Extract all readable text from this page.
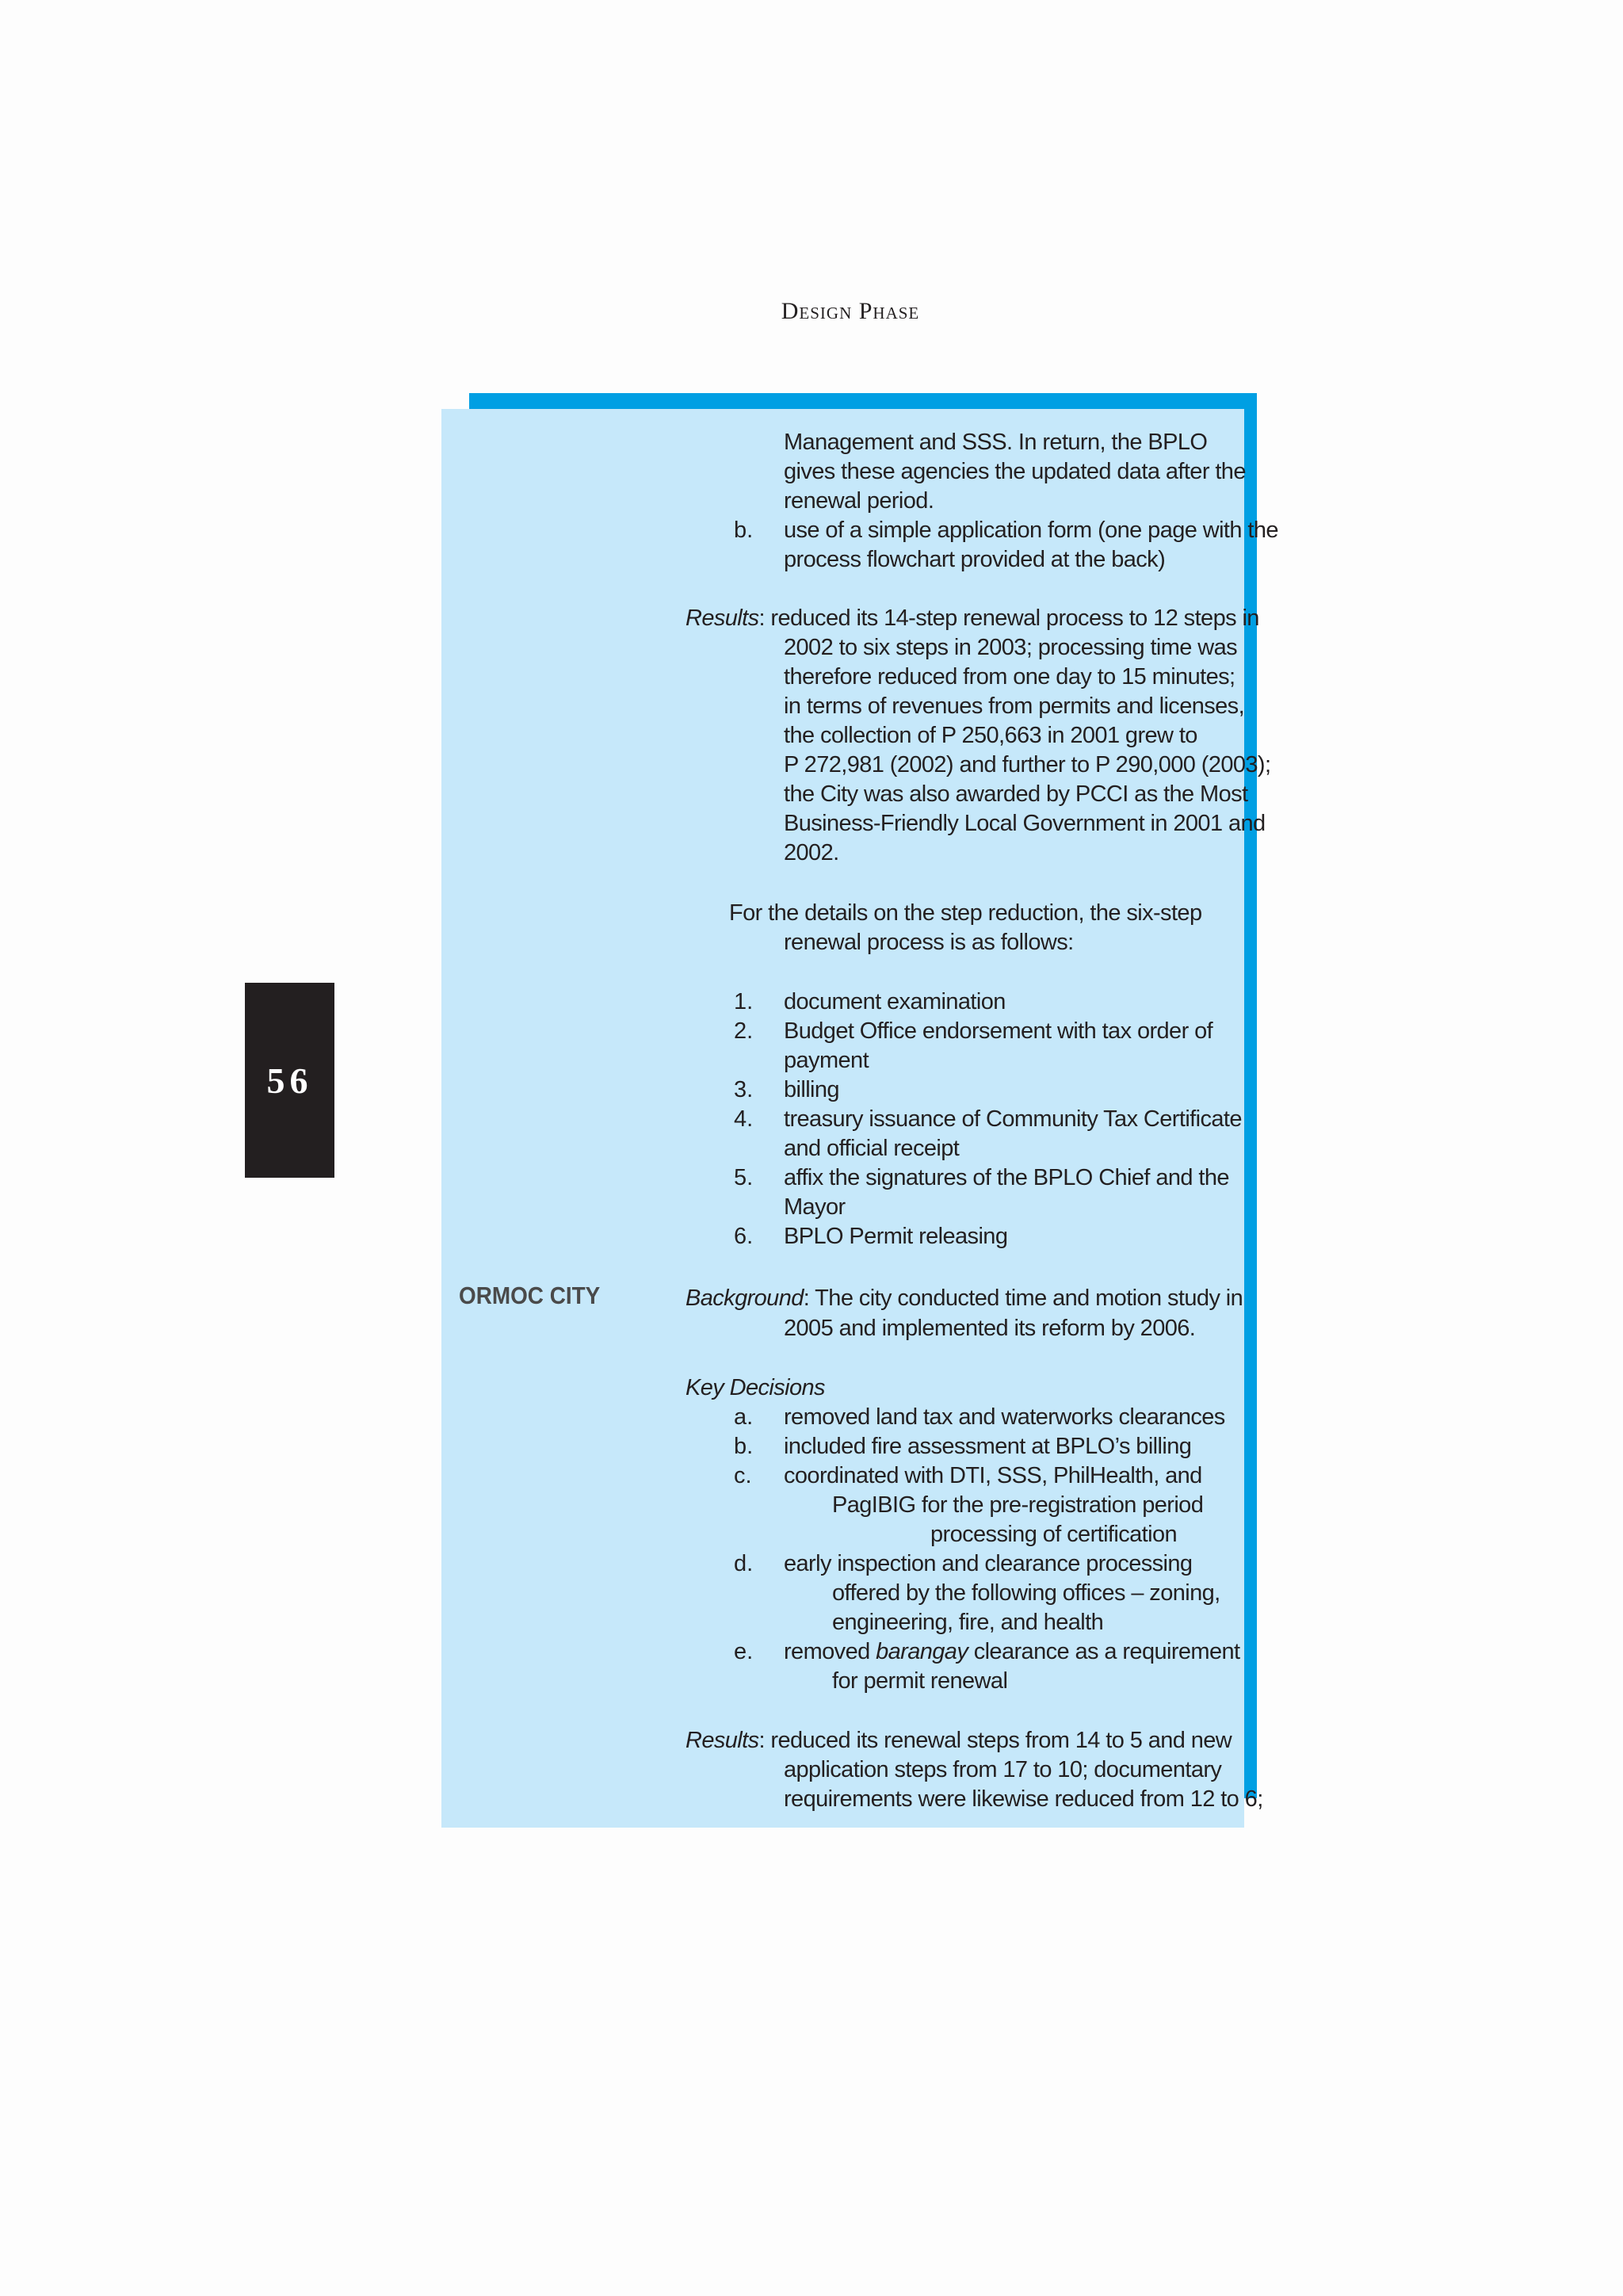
Design Phase
56
ORMOC CITY
Management and SSS. In return, the BPLO
gives these agencies the updated data after the
renewal period.
b. use of a simple application form (one page with the
process flowchart provided at the back)
Results: reduced its 14-step renewal process to 12 steps in
2002 to six steps in 2003; processing time was
therefore reduced from one day to 15 minutes;
in terms of revenues from permits and licenses,
the collection of P 250,663 in 2001 grew to
P 272,981 (2002) and further to P 290,000 (2003);
the City was also awarded by PCCI as the Most
Business-Friendly Local Government in 2001 and
2002.
For the details on the step reduction, the six-step
renewal process is as follows:
1. document examination
2. Budget Office endorsement with tax order of
payment
3. billing
4. treasury issuance of Community Tax Certificate
and official receipt
5. affix the signatures of the BPLO Chief and the
Mayor
6. BPLO Permit releasing
Background: The city conducted time and motion study in
2005 and implemented its reform by 2006.
Key Decisions
a. removed land tax and waterworks clearances
b. included fire assessment at BPLO’s billing
c. coordinated with DTI, SSS, PhilHealth, and
PagIBIG for the pre-registration period
processing of certification
d. early inspection and clearance processing
offered by the following offices – zoning,
engineering, fire, and health
e. removed barangay clearance as a requirement
for permit renewal
Results: reduced its renewal steps from 14 to 5 and new
application steps from 17 to 10; documentary
requirements were likewise reduced from 12 to 6;
